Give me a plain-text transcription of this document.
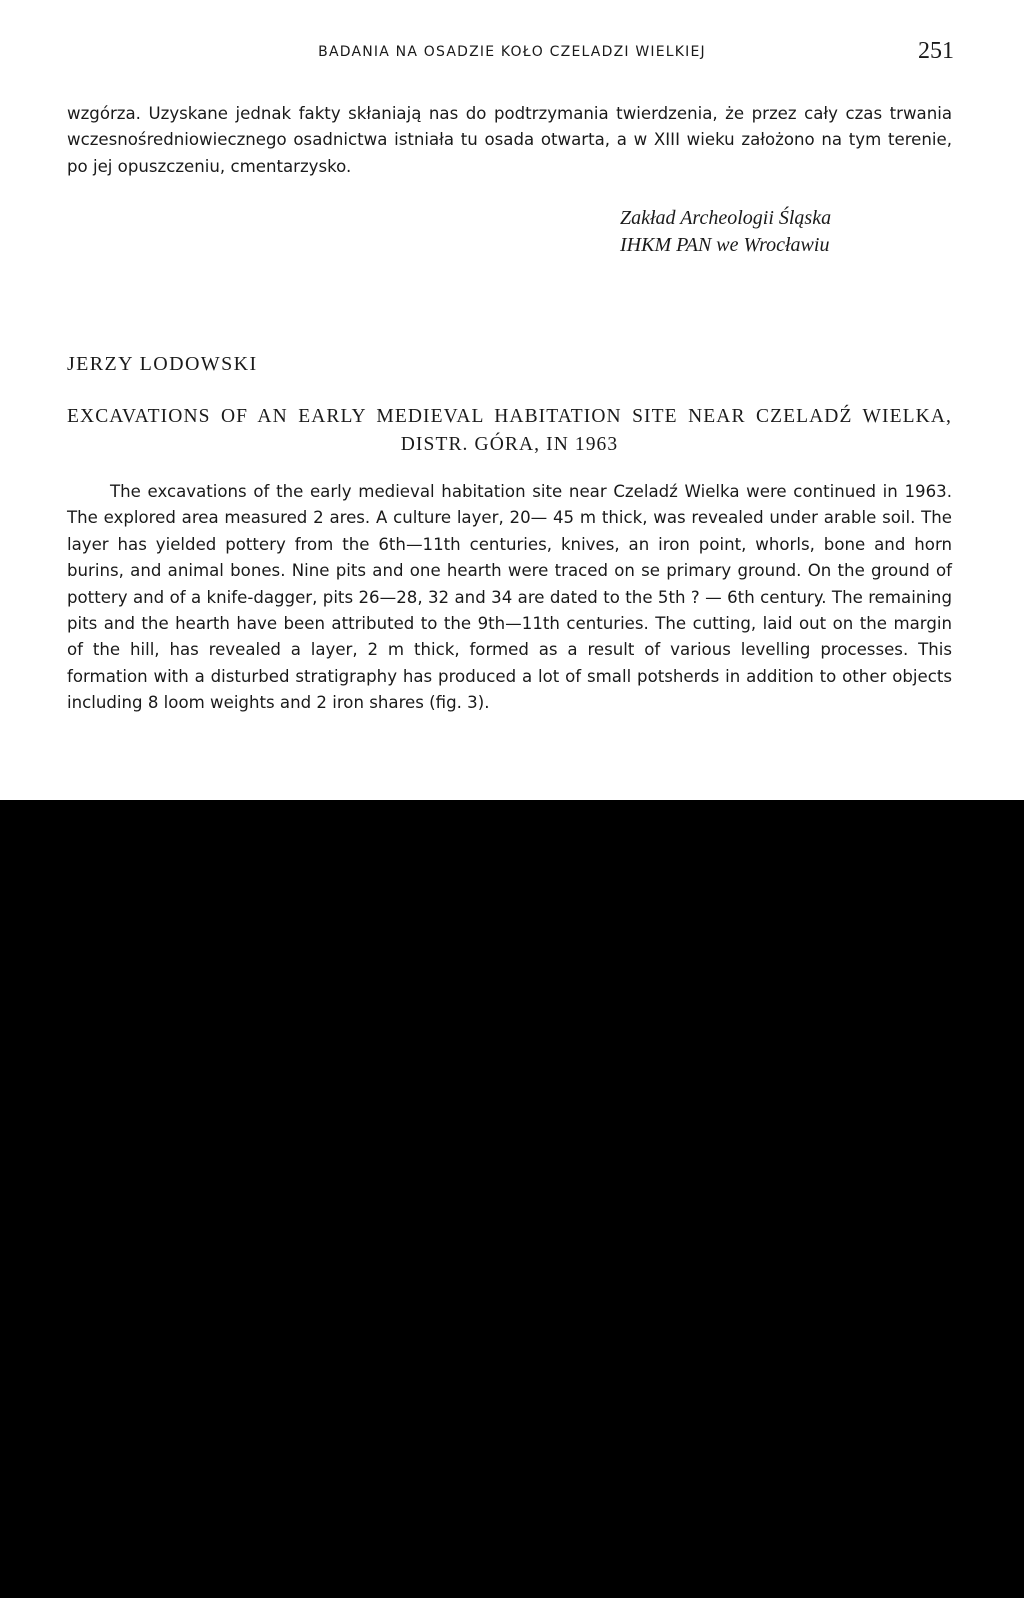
BADANIA NA OSADZIE KOŁO CZELADZI WIELKIEJ	251

wzgórza. Uzyskane jednak fakty skłaniają nas do podtrzymania twierdzenia, że przez cały czas trwania wczesnośredniowiecznego osadnictwa istniała tu osada otwarta, a w XIII wieku założono na tym terenie, po jej opuszczeniu, cmentarzysko.

Zakład Archeologii Śląska
IHKM PAN we Wrocławiu
JERZY LODOWSKI

EXCAVATIONS OF AN EARLY MEDIEVAL HABITATION SITE NEAR CZELADŹ WIELKA, DISTR. GÓRA, IN 1963

The excavations of the early medieval habitation site near Czeladź Wielka were continued in 1963. The explored area measured 2 ares. A culture layer, 20— 45 m thick, was revealed under arable soil. The layer has yielded pottery from the 6th—11th centuries, knives, an iron point, whorls, bone and horn burins, and animal bones. Nine pits and one hearth were traced on se primary ground. On the ground of pottery and of a knife-dagger, pits 26—28, 32 and 34 are dated to the 5th ? — 6th century. The remaining pits and the hearth have been attributed to the 9th—11th centuries. The cutting, laid out on the margin of the hill, has revealed a layer, 2 m thick, formed as a result of various levelling processes. This formation with a disturbed stratigraphy has produced a lot of small potsherds in addition to other objects including 8 loom weights and 2 iron shares (fig. 3).
